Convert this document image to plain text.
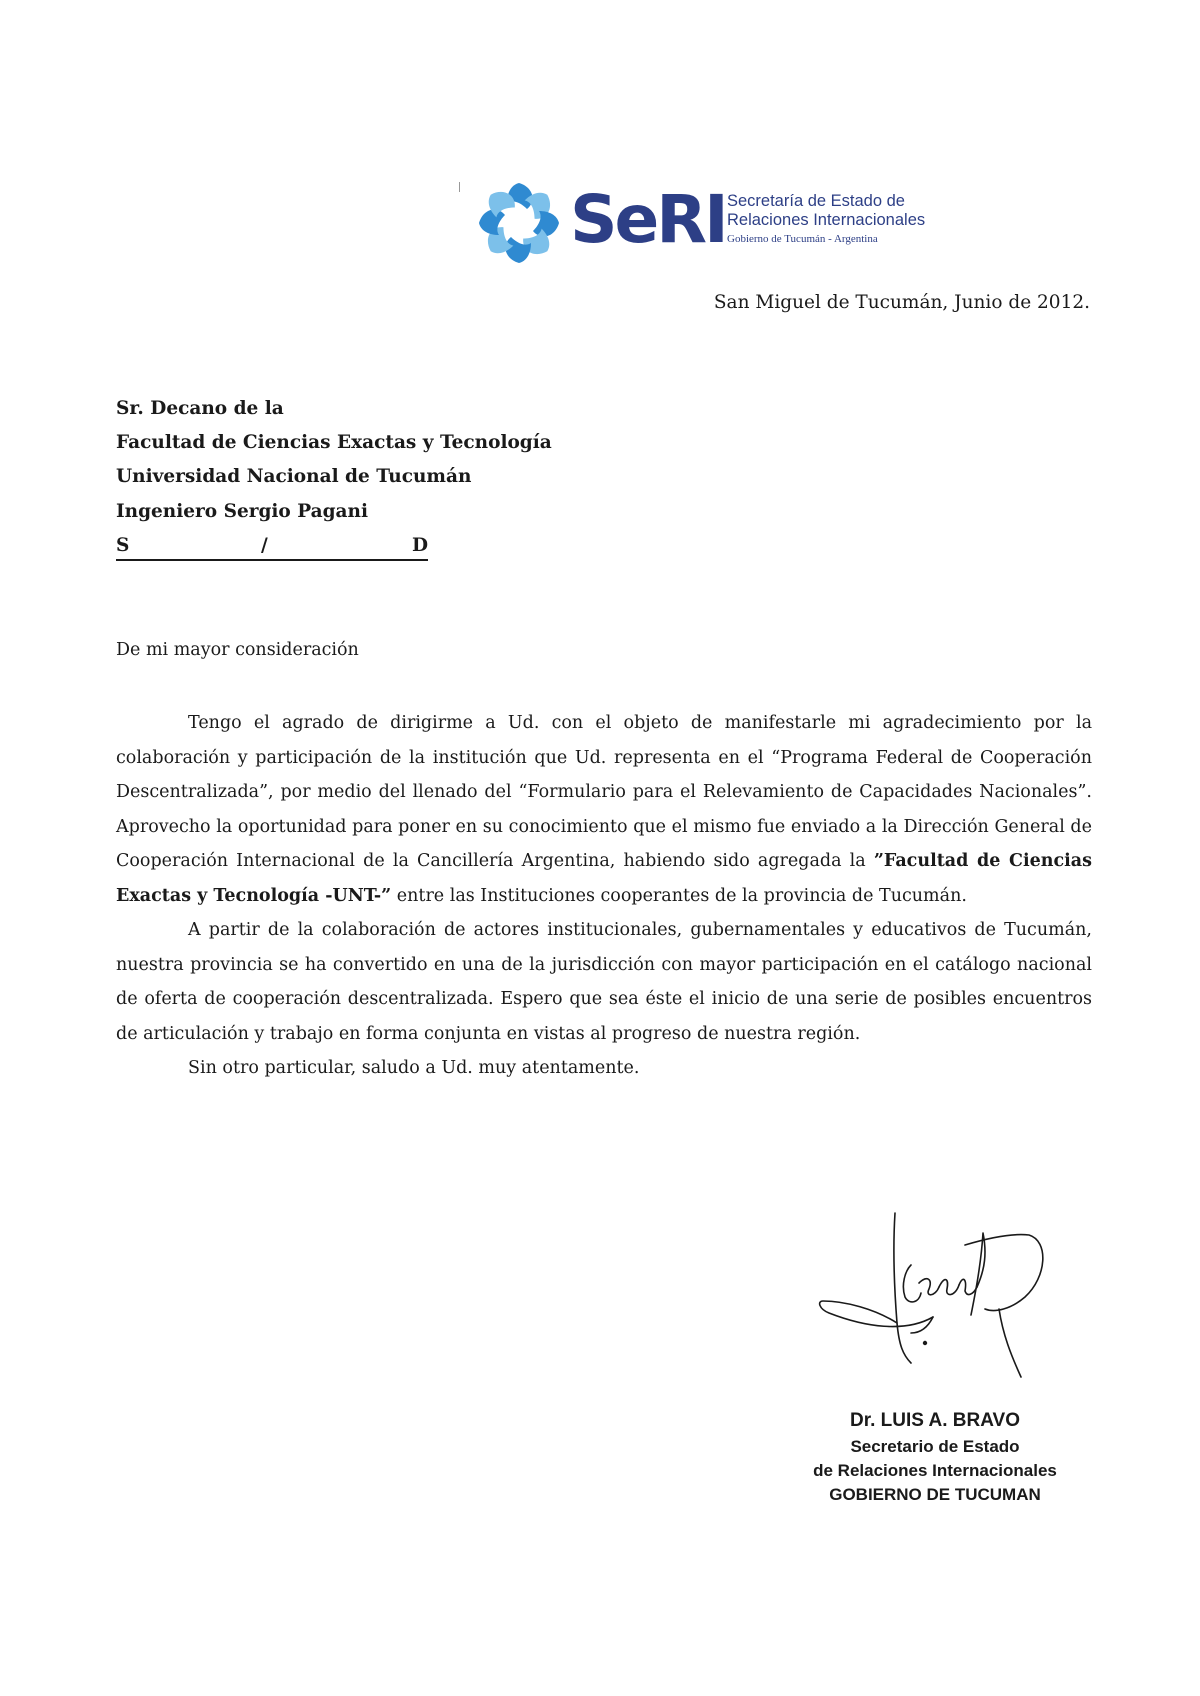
SeRI Secretaría de Estado de
Relaciones Internacionales
Gobierno de Tucumán - Argentina
San Miguel de Tucumán, Junio de 2012.
Sr. Decano de la
Facultad de Ciencias Exactas y Tecnología
Universidad Nacional de Tucumán
Ingeniero Sergio Pagani
S	/	D
De mi mayor consideración

Tengo el agrado de dirigirme a Ud. con el objeto de manifestarle mi agradecimiento por la colaboración y participación de la institución que Ud. representa en el “Programa Federal de Cooperación Descentralizada”, por medio del llenado del “Formulario para el Relevamiento de Capacidades Nacionales”. Aprovecho la oportunidad para poner en su conocimiento que el mismo fue enviado a la Dirección General de Cooperación Internacional de la Cancillería Argentina, habiendo sido agregada la ”Facultad de Ciencias Exactas y Tecnología -UNT-” entre las Instituciones cooperantes de la provincia de Tucumán.

A partir de la colaboración de actores institucionales, gubernamentales y educativos de Tucumán, nuestra provincia se ha convertido en una de la jurisdicción con mayor participación en el catálogo nacional de oferta de cooperación descentralizada. Espero que sea éste el inicio de una serie de posibles encuentros de articulación y trabajo en forma conjunta en vistas al progreso de nuestra región.

Sin otro particular, saludo a Ud. muy atentamente.

Dr. LUIS A. BRAVO
Secretario de Estado
de Relaciones Internacionales
GOBIERNO DE TUCUMAN
